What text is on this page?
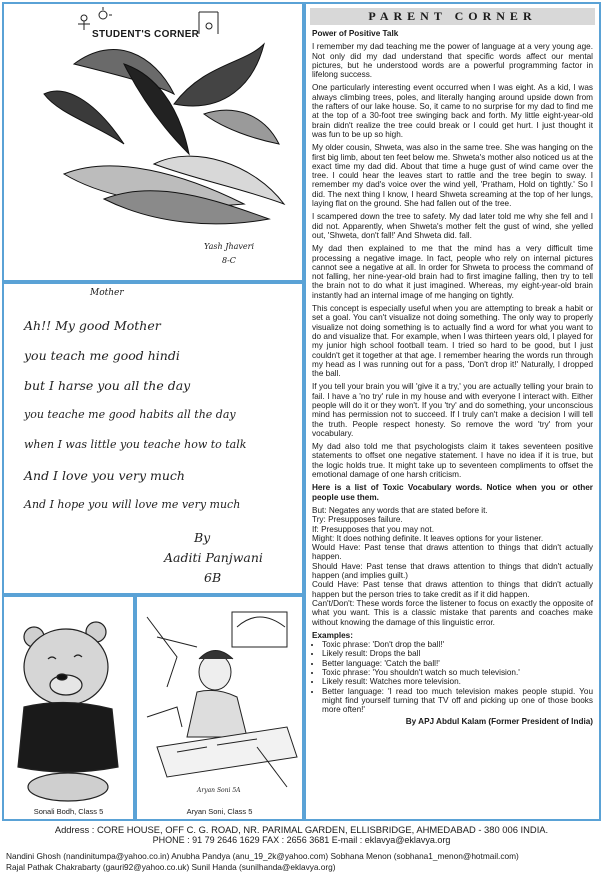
STUDENT'S CORNER
Yash Jhaveri
8-C
Mother
Ah!! My good Mother
you teach me good hindi
but I harse you all the day
you teache me good habits all the day
when I was little you teache how to talk
And I love you very much
And I hope you will love me very much
By
Aaditi Panjwani
6B
Sonali Bodh, Class 5
Aryan Soni 5A
Aryan Soni, Class 5
PARENT CORNER

Power of Positive Talk

I remember my dad teaching me the power of language at a very young age. Not only did my dad understand that specific words affect our mental pictures, but he understood words are a powerful programming factor in lifelong success.

One particularly interesting event occurred when I was eight. As a kid, I was always climbing trees, poles, and literally hanging around upside down from the rafters of our lake house. So, it came to no surprise for my dad to find me at the top of a 30-foot tree swinging back and forth. My little eight-year-old brain didn't realize the tree could break or I could get hurt. I just thought it was fun to be up so high.

My older cousin, Shweta, was also in the same tree. She was hanging on the first big limb, about ten feet below me. Shweta's mother also noticed us at the exact time my dad did. About that time a huge gust of wind came over the tree. I could hear the leaves start to rattle and the tree begin to sway. I remember my dad's voice over the wind yell, 'Pratham, Hold on tightly.' So I did. The next thing I know, I heard Shweta screaming at the top of her lungs, laying flat on the ground. She had fallen out of the tree.

I scampered down the tree to safety. My dad later told me why she fell and I did not. Apparently, when Shweta's mother felt the gust of wind, she yelled out, 'Shweta, don't fall!' And Shweta did. fall.

My dad then explained to me that the mind has a very difficult time processing a negative image. In fact, people who rely on internal pictures cannot see a negative at all. In order for Shweta to process the command of not falling, her nine-year-old brain had to first imagine falling, then try to tell the brain not to do what it just imagined. Whereas, my eight-year-old brain instantly had an internal image of me hanging on tightly.

This concept is especially useful when you are attempting to break a habit or set a goal. You can't visualize not doing something. The only way to properly visualize not doing something is to actually find a word for what you want to do and visualize that. For example, when I was thirteen years old, I played for my junior high school football team. I tried so hard to be good, but I just couldn't get it together at that age. I remember hearing the words run through my head as I was running out for a pass, 'Don't drop it!' Naturally, I dropped the ball.

If you tell your brain you will 'give it a try,' you are actually telling your brain to fail. I have a 'no try' rule in my house and with everyone I interact with. Either people will do it or they won't. If you 'try' and do something, your unconscious mind has permission not to succeed. If I truly can't make a decision I will tell the truth. People respect honesty. So remove the word 'try' from your vocabulary.

My dad also told me that psychologists claim it takes seventeen positive statements to offset one negative statement. I have no idea if it is true, but the logic holds true. It might take up to seventeen compliments to offset the emotional damage of one harsh criticism.

Here is a list of Toxic Vocabulary words. Notice when you or other people use them.

But: Negates any words that are stated before it.
Try: Presupposes failure.
If: Presupposes that you may not.
Might: It does nothing definite. It leaves options for your listener.
Would Have: Past tense that draws attention to things that didn't actually happen.
Should Have: Past tense that draws attention to things that didn't actually happen (and implies guilt.)
Could Have: Past tense that draws attention to things that didn't actually happen but the person tries to take credit as if it did happen.
Can't/Don't: These words force the listener to focus on exactly the opposite of what you want. This is a classic mistake that parents and coaches make without knowing the damage of this linguistic error.
Examples:
• Toxic phrase: 'Don't drop the ball!'
• Likely result: Drops the ball
• Better language: 'Catch the ball!'
• Toxic phrase: 'You shouldn't watch so much television.'
• Likely result: Watches more television.
• Better language: 'I read too much television makes people stupid. You might find yourself turning that TV off and picking up one of those books more often!'
By APJ Abdul Kalam (Former President of India)
Address : CORE HOUSE, OFF C. G. ROAD, NR. PARIMAL GARDEN, ELLISBRIDGE, AHMEDABAD - 380 006 INDIA.
PHONE : 91 79 2646 1629 FAX : 2656 3681 E-mail : eklavya@eklavya.org
Nandini Ghosh (nandinitumpa@yahoo.co.in) Anubha Pandya (anu_19_2k@yahoo.com) Sobhana Menon (sobhana1_menon@hotmail.com)
Rajal Pathak Chakrabarty (gauri92@yahoo.co.uk) Sunil Handa (sunilhanda@eklavya.org)
